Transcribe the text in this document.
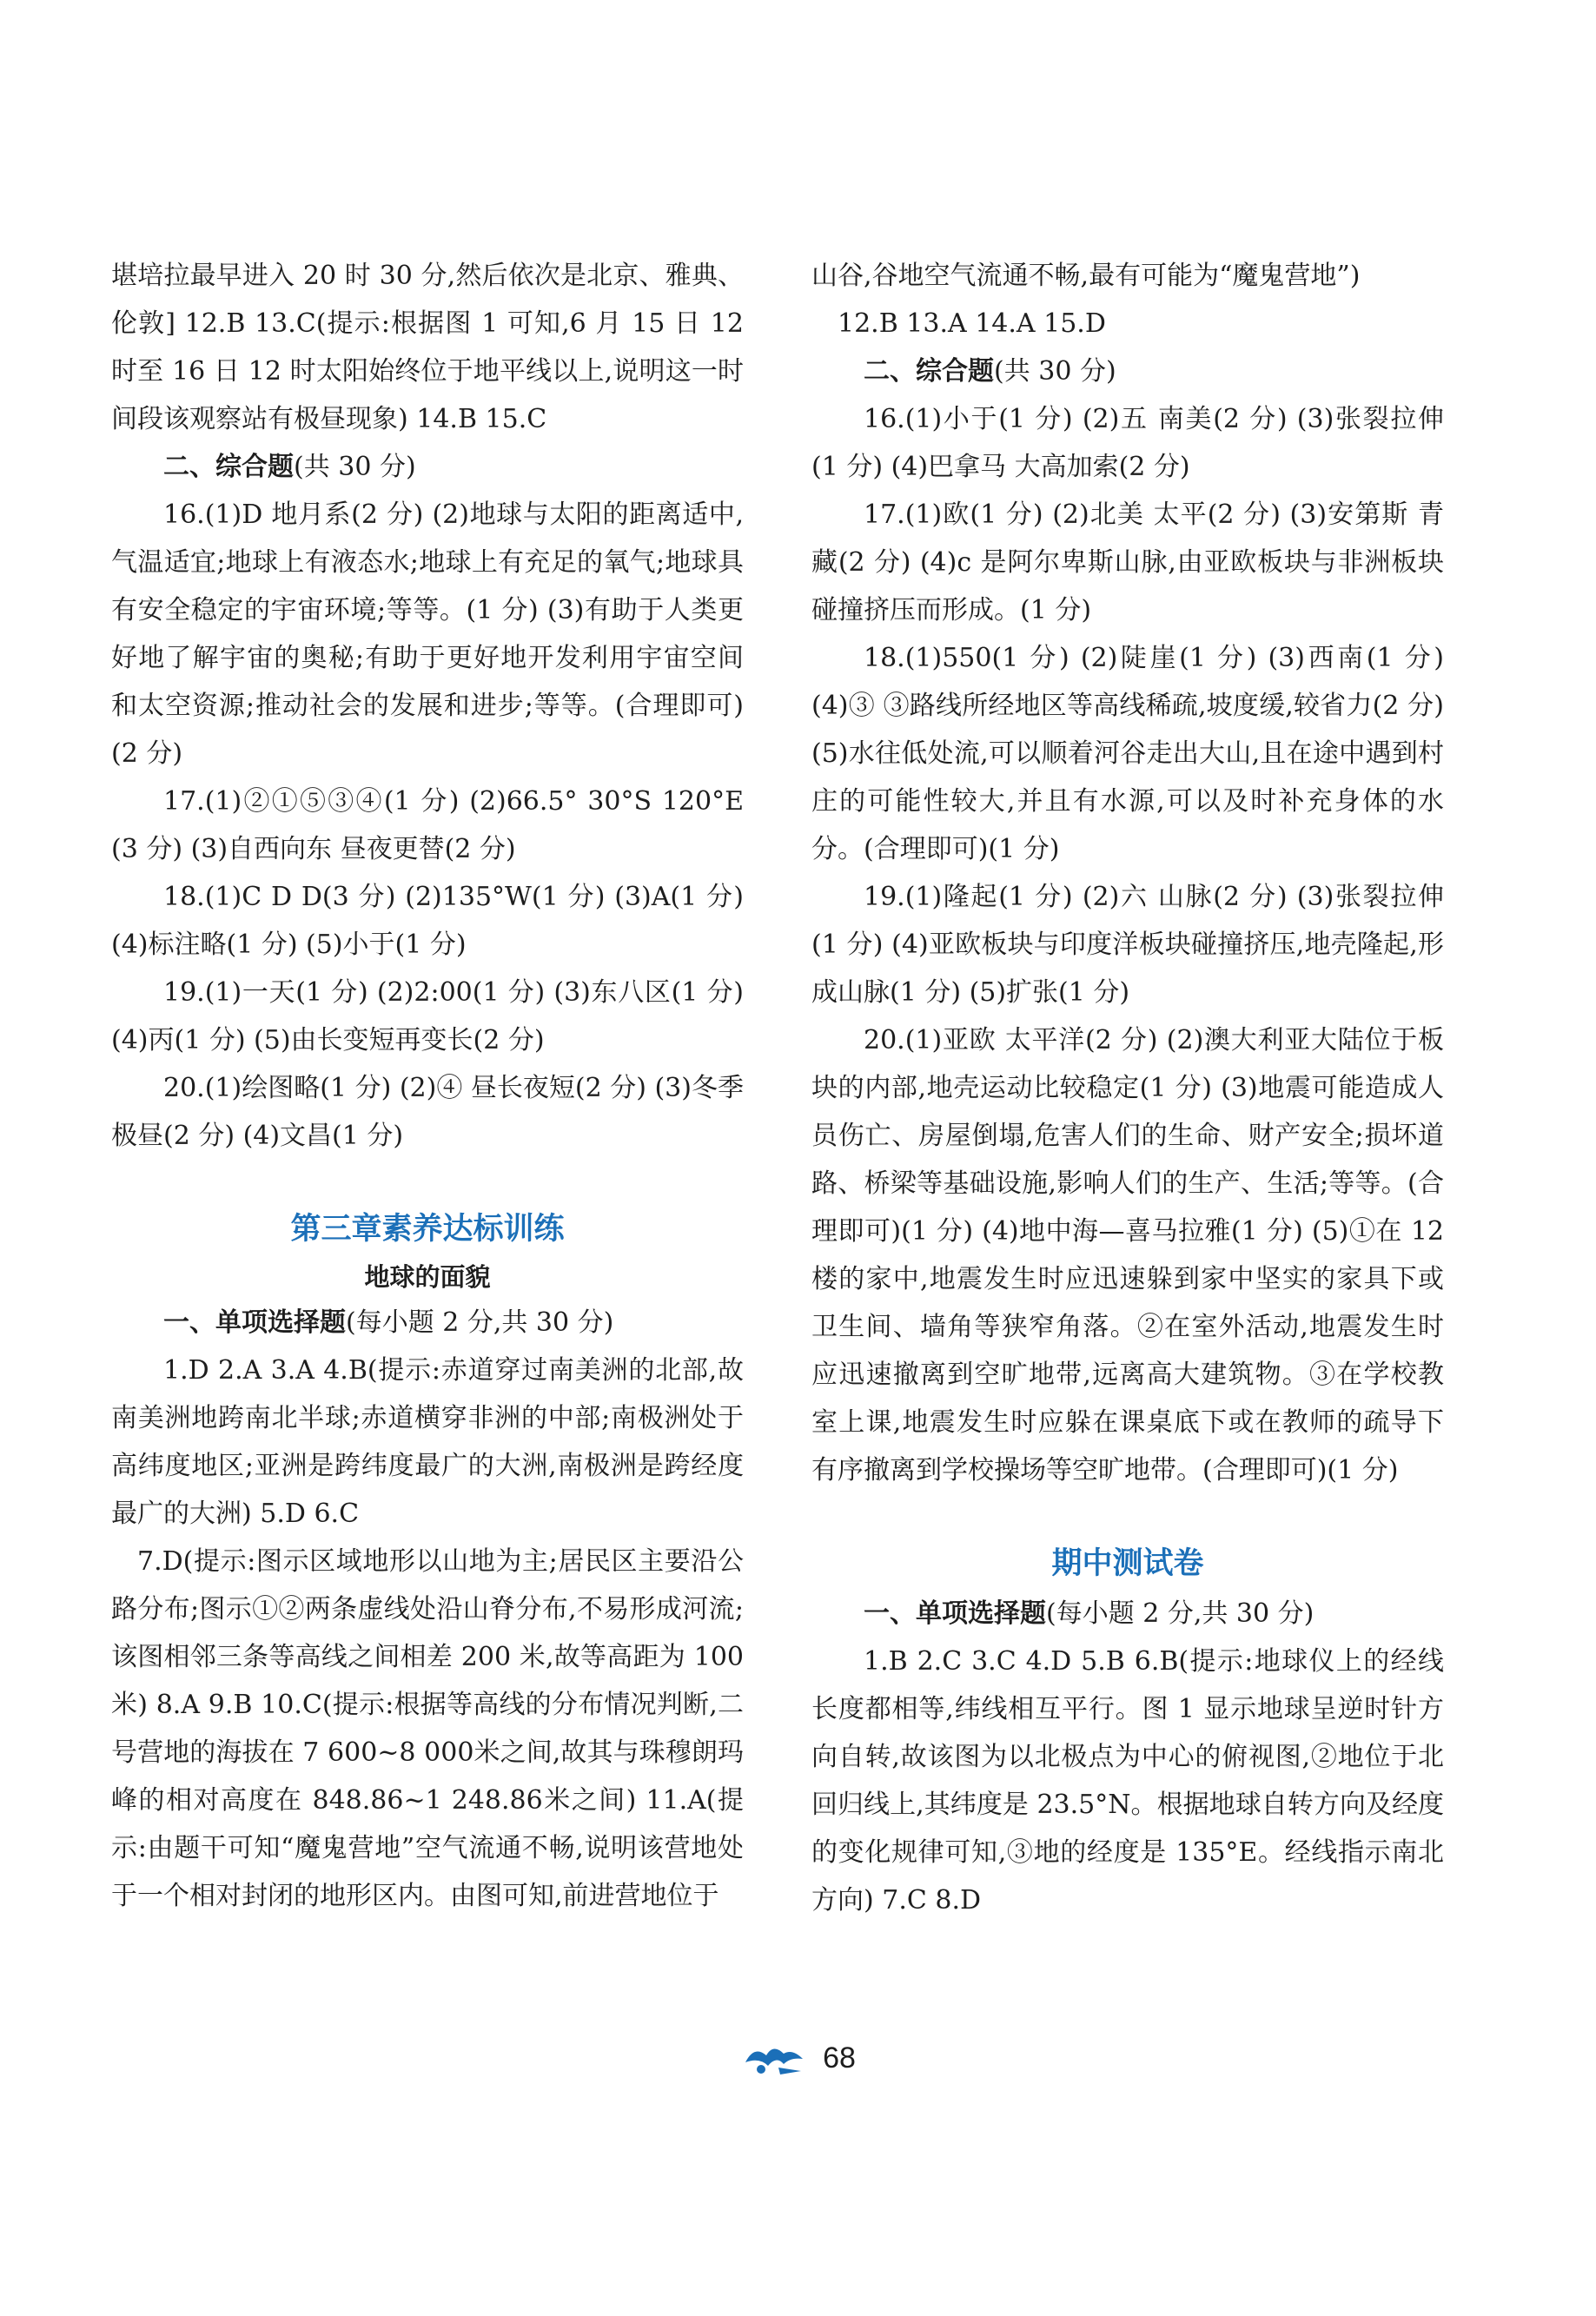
堪培拉最早进入 20 时 30 分,然后依次是北京、雅典、伦敦] 12.B 13.C(提示:根据图 1 可知,6 月 15 日 12 时至 16 日 12 时太阳始终位于地平线以上,说明这一时间段该观察站有极昼现象) 14.B 15.C

二、综合题(共 30 分)

16.(1)D 地月系(2 分) (2)地球与太阳的距离适中,气温适宜;地球上有液态水;地球上有充足的氧气;地球具有安全稳定的宇宙环境;等等。(1 分) (3)有助于人类更好地了解宇宙的奥秘;有助于更好地开发利用宇宙空间和太空资源;推动社会的发展和进步;等等。(合理即可)(2 分)

17.(1)②①⑤③④(1 分) (2)66.5° 30°S 120°E(3 分) (3)自西向东 昼夜更替(2 分)

18.(1)C D D(3 分) (2)135°W(1 分) (3)A(1 分) (4)标注略(1 分) (5)小于(1 分)

19.(1)一天(1 分) (2)2:00(1 分) (3)东八区(1 分) (4)丙(1 分) (5)由长变短再变长(2 分)

20.(1)绘图略(1 分) (2)④ 昼长夜短(2 分) (3)冬季 极昼(2 分) (4)文昌(1 分)

第三章素养达标训练

地球的面貌

一、单项选择题(每小题 2 分,共 30 分)

1.D 2.A 3.A 4.B(提示:赤道穿过南美洲的北部,故南美洲地跨南北半球;赤道横穿非洲的中部;南极洲处于高纬度地区;亚洲是跨纬度最广的大洲,南极洲是跨经度最广的大洲) 5.D 6.C

7.D(提示:图示区域地形以山地为主;居民区主要沿公路分布;图示①②两条虚线处沿山脊分布,不易形成河流;该图相邻三条等高线之间相差 200 米,故等高距为 100 米) 8.A 9.B 10.C(提示:根据等高线的分布情况判断,二号营地的海拔在 7 600~8 000米之间,故其与珠穆朗玛峰的相对高度在 848.86~1 248.86米之间) 11.A(提示:由题干可知“魔鬼营地”空气流通不畅,说明该营地处于一个相对封闭的地形区内。由图可知,前进营地位于

山谷,谷地空气流通不畅,最有可能为“魔鬼营地”)

12.B 13.A 14.A 15.D

二、综合题(共 30 分)

16.(1)小于(1 分) (2)五 南美(2 分) (3)张裂拉伸(1 分) (4)巴拿马 大高加索(2 分)

17.(1)欧(1 分) (2)北美 太平(2 分) (3)安第斯 青藏(2 分) (4)c 是阿尔卑斯山脉,由亚欧板块与非洲板块碰撞挤压而形成。(1 分)

18.(1)550(1 分) (2)陡崖(1 分) (3)西南(1 分) (4)③ ③路线所经地区等高线稀疏,坡度缓,较省力(2 分) (5)水往低处流,可以顺着河谷走出大山,且在途中遇到村庄的可能性较大,并且有水源,可以及时补充身体的水分。(合理即可)(1 分)

19.(1)隆起(1 分) (2)六 山脉(2 分) (3)张裂拉伸(1 分) (4)亚欧板块与印度洋板块碰撞挤压,地壳隆起,形成山脉(1 分) (5)扩张(1 分)

20.(1)亚欧 太平洋(2 分) (2)澳大利亚大陆位于板块的内部,地壳运动比较稳定(1 分) (3)地震可能造成人员伤亡、房屋倒塌,危害人们的生命、财产安全;损坏道路、桥梁等基础设施,影响人们的生产、生活;等等。(合理即可)(1 分) (4)地中海—喜马拉雅(1 分) (5)①在 12 楼的家中,地震发生时应迅速躲到家中坚实的家具下或卫生间、墙角等狭窄角落。②在室外活动,地震发生时应迅速撤离到空旷地带,远离高大建筑物。③在学校教室上课,地震发生时应躲在课桌底下或在教师的疏导下有序撤离到学校操场等空旷地带。(合理即可)(1 分)

期中测试卷

一、单项选择题(每小题 2 分,共 30 分)

1.B 2.C 3.C 4.D 5.B 6.B(提示:地球仪上的经线长度都相等,纬线相互平行。图 1 显示地球呈逆时针方向自转,故该图为以北极点为中心的俯视图,②地位于北回归线上,其纬度是 23.5°N。根据地球自转方向及经度的变化规律可知,③地的经度是 135°E。经线指示南北方向) 7.C 8.D

68
